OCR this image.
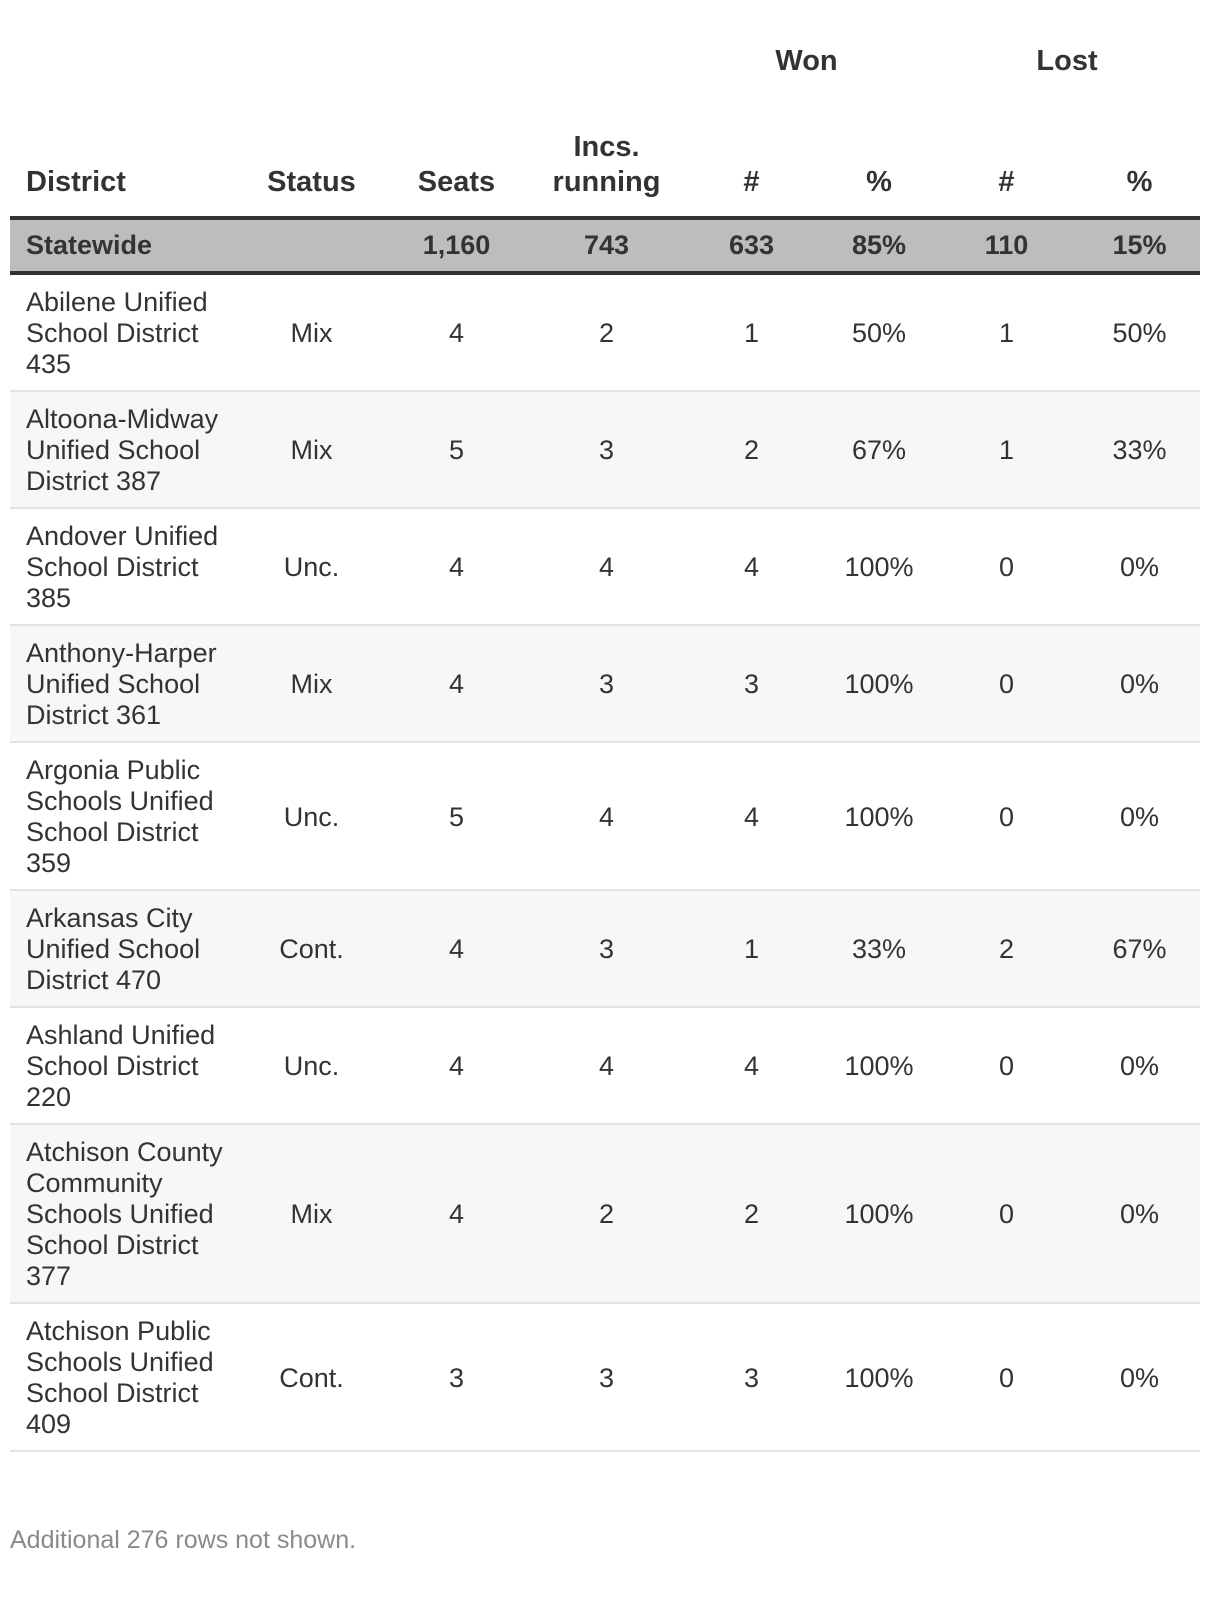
				Won		Lost	
District	Status	Seats	Incs.
running	#	%	#	%
Statewide		1,160	743	633	85%	110	15%
Abilene Unified School District 435	Mix	4	2	1	50%	1	50%
Altoona-Midway Unified School District 387	Mix	5	3	2	67%	1	33%
Andover Unified School District 385	Unc.	4	4	4	100%	0	0%
Anthony-Harper Unified School District 361	Mix	4	3	3	100%	0	0%
Argonia Public Schools Unified School District 359	Unc.	5	4	4	100%	0	0%
Arkansas City Unified School District 470	Cont.	4	3	1	33%	2	67%
Ashland Unified School District 220	Unc.	4	4	4	100%	0	0%
Atchison County Community Schools Unified School District 377	Mix	4	2	2	100%	0	0%
Atchison Public Schools Unified School District 409	Cont.	3	3	3	100%	0	0%
Additional 276 rows not shown.
